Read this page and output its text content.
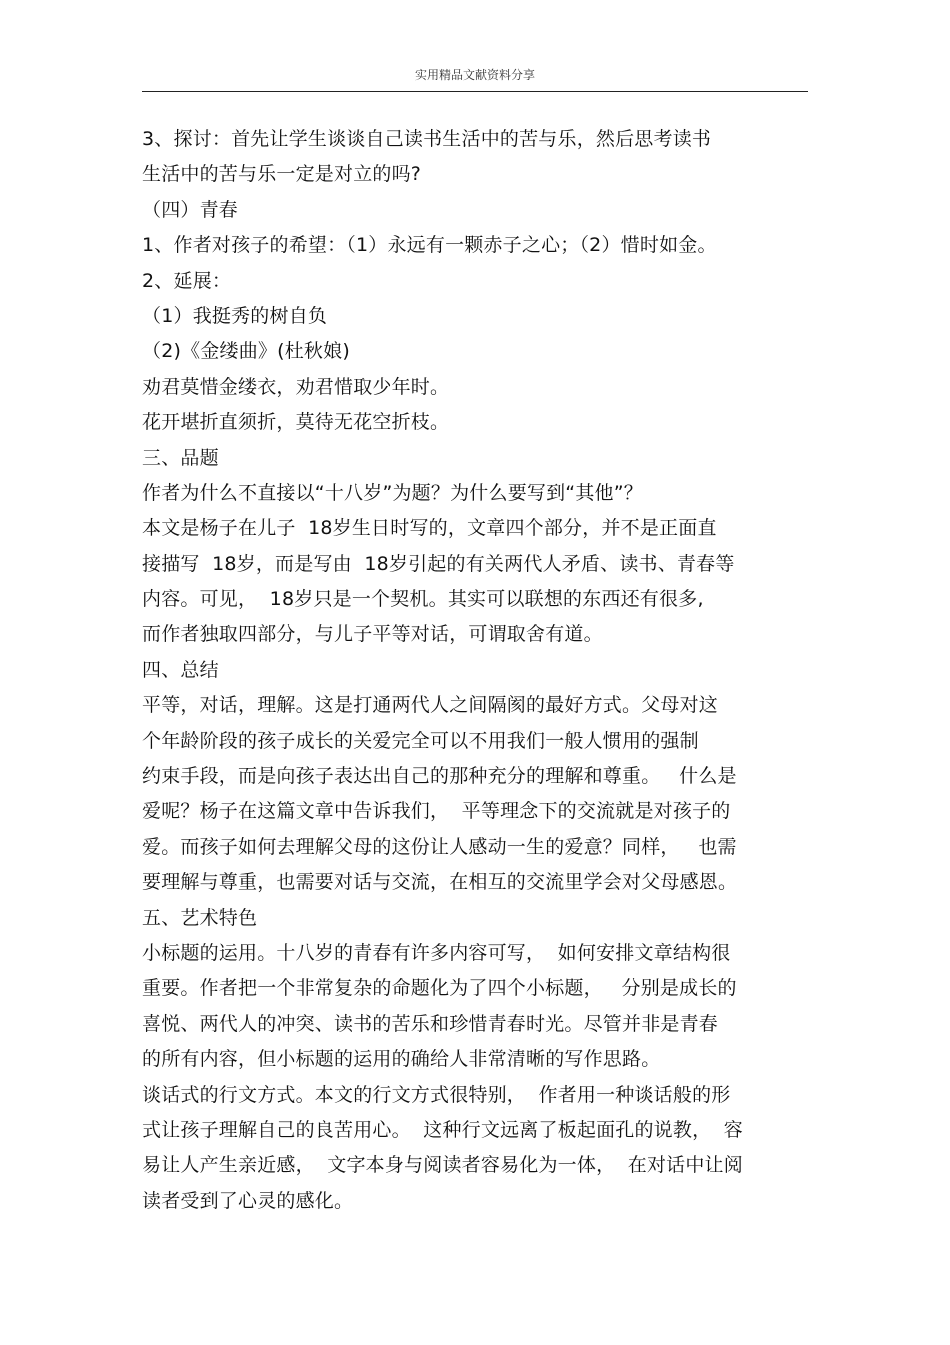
实用精品文献资料分享
3、探讨：首先让学生谈谈自己读书生活中的苦与乐，然后思考读书
生活中的苦与乐一定是对立的吗?
（四）青春
1、作者对孩子的希望：（1）永远有一颗赤子之心；（2）惜时如金。
2、延展：
（1）我挺秀的树自负
（2)《金缕曲》(杜秋娘)
劝君莫惜金缕衣，劝君惜取少年时。
花开堪折直须折，莫待无花空折枝。
三、品题
作者为什么不直接以“十八岁”为题？为什么要写到“其他”？
本文是杨子在儿子  18岁生日时写的，文章四个部分，并不是正面直
接描写  18岁，而是写由  18岁引起的有关两代人矛盾、读书、青春等
内容。可见，  18岁只是一个契机。其实可以联想的东西还有很多,
而作者独取四部分，与儿子平等对话，可谓取舍有道。
四、总结
平等，对话，理解。这是打通两代人之间隔阂的最好方式。父母对这
个年龄阶段的孩子成长的关爱完全可以不用我们一般人惯用的强制
约束手段，而是向孩子表达出自己的那种充分的理解和尊重。   什么是
爱呢？杨子在这篇文章中告诉我们，  平等理念下的交流就是对孩子的
爱。而孩子如何去理解父母的这份让人感动一生的爱意？同样，   也需
要理解与尊重，也需要对话与交流，在相互的交流里学会对父母感恩。
五、艺术特色
小标题的运用。十八岁的青春有许多内容可写，  如何安排文章结构很
重要。作者把一个非常复杂的命题化为了四个小标题，   分别是成长的
喜悦、两代人的冲突、读书的苦乐和珍惜青春时光。尽管并非是青春
的所有内容，但小标题的运用的确给人非常清晰的写作思路。
谈话式的行文方式。本文的行文方式很特别，  作者用一种谈话般的形
式让孩子理解自己的良苦用心。  这种行文远离了板起面孔的说教，  容
易让人产生亲近感，  文字本身与阅读者容易化为一体，  在对话中让阅
读者受到了心灵的感化。
